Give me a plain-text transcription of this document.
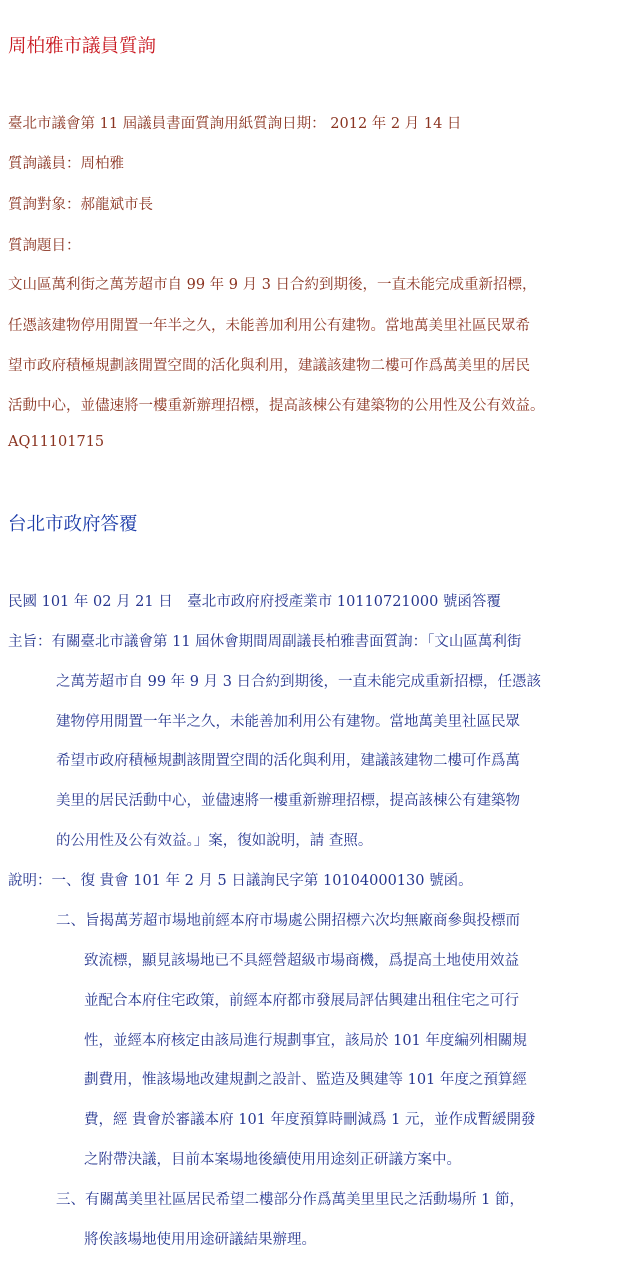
周柏雅市議員質詢
臺北市議會第 11 屆議員書面質詢用紙質詢日期： 2012 年 2 月 14 日
質詢議員：周柏雅
質詢對象：郝龍斌市長
質詢題目：
文山區萬利街之萬芳超市自 99 年 9 月 3 日合約到期後，一直未能完成重新招標，
任憑該建物停用閒置一年半之久，未能善加利用公有建物。當地萬美里社區民眾希
望市政府積極規劃該閒置空間的活化與利用，建議該建物二樓可作爲萬美里的居民
活動中心，並儘速將一樓重新辦理招標，提高該棟公有建築物的公用性及公有效益。
AQ11101715
台北市政府答覆
民國 101 年 02 月 21 日　臺北市政府府授產業市 10110721000 號函答覆
主旨：有關臺北市議會第 11 屆休會期間周副議長柏雅書面質詢：「文山區萬利街
之萬芳超市自 99 年 9 月 3 日合約到期後，一直未能完成重新招標，任憑該
建物停用閒置一年半之久，未能善加利用公有建物。當地萬美里社區民眾
希望市政府積極規劃該閒置空間的活化與利用，建議該建物二樓可作爲萬
美里的居民活動中心，並儘速將一樓重新辦理招標，提高該棟公有建築物
的公用性及公有效益。」案，復如說明，請 查照。
說明：一、復 貴會 101 年 2 月 5 日議詢民字第 10104000130 號函。
二、旨揭萬芳超市場地前經本府市場處公開招標六次均無廠商參與投標而
致流標，顯見該場地已不具經營超級市場商機，爲提高土地使用效益
並配合本府住宅政策，前經本府都市發展局評估興建出租住宅之可行
性，並經本府核定由該局進行規劃事宜，該局於 101 年度編列相關規
劃費用，惟該場地改建規劃之設計、監造及興建等 101 年度之預算經
費，經 貴會於審議本府 101 年度預算時刪減爲 1 元，並作成暫緩開發
之附帶決議，目前本案場地後續使用用途刻正研議方案中。
三、有關萬美里社區居民希望二樓部分作爲萬美里里民之活動場所 1 節，
將俟該場地使用用途研議結果辦理。
